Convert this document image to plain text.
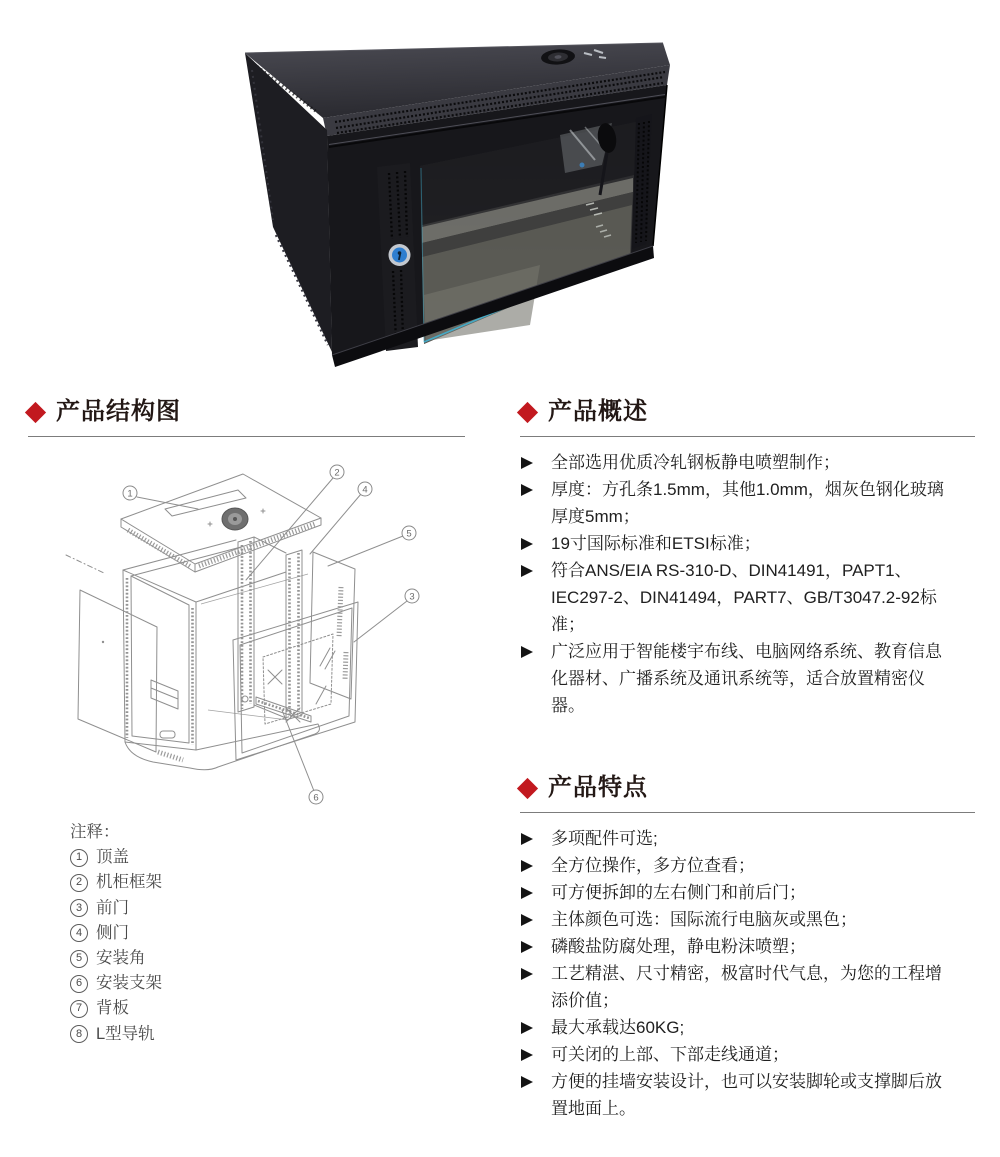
产品结构图
1
2
4
5
3
6
注释：
1 顶盖
2 机柜框架
3 前门
4 侧门
5 安装角
6 安装支架
7 背板
8 L型导轨
产品概述
全部选用优质冷轧钢板静电喷塑制作；
厚度：方孔条1.5mm，其他1.0mm，烟灰色钢化玻璃厚度5mm；
19寸国际标准和ETSI标准；
符合ANS/EIA RS-310-D、DIN41491，PAPT1、IEC297-2、DIN41494，PART7、GB/T3047.2-92标准；
广泛应用于智能楼宇布线、电脑网络系统、教育信息化器材、广播系统及通讯系统等，适合放置精密仪器。
产品特点
多项配件可选;
全方位操作，多方位查看；
可方便拆卸的左右侧门和前后门；
主体颜色可选：国际流行电脑灰或黑色；
磷酸盐防腐处理，静电粉沫喷塑；
工艺精湛、尺寸精密，极富时代气息，为您的工程增添价值；
最大承载达60KG;
可关闭的上部、下部走线通道；
方便的挂墙安装设计，也可以安装脚轮或支撑脚后放置地面上。
